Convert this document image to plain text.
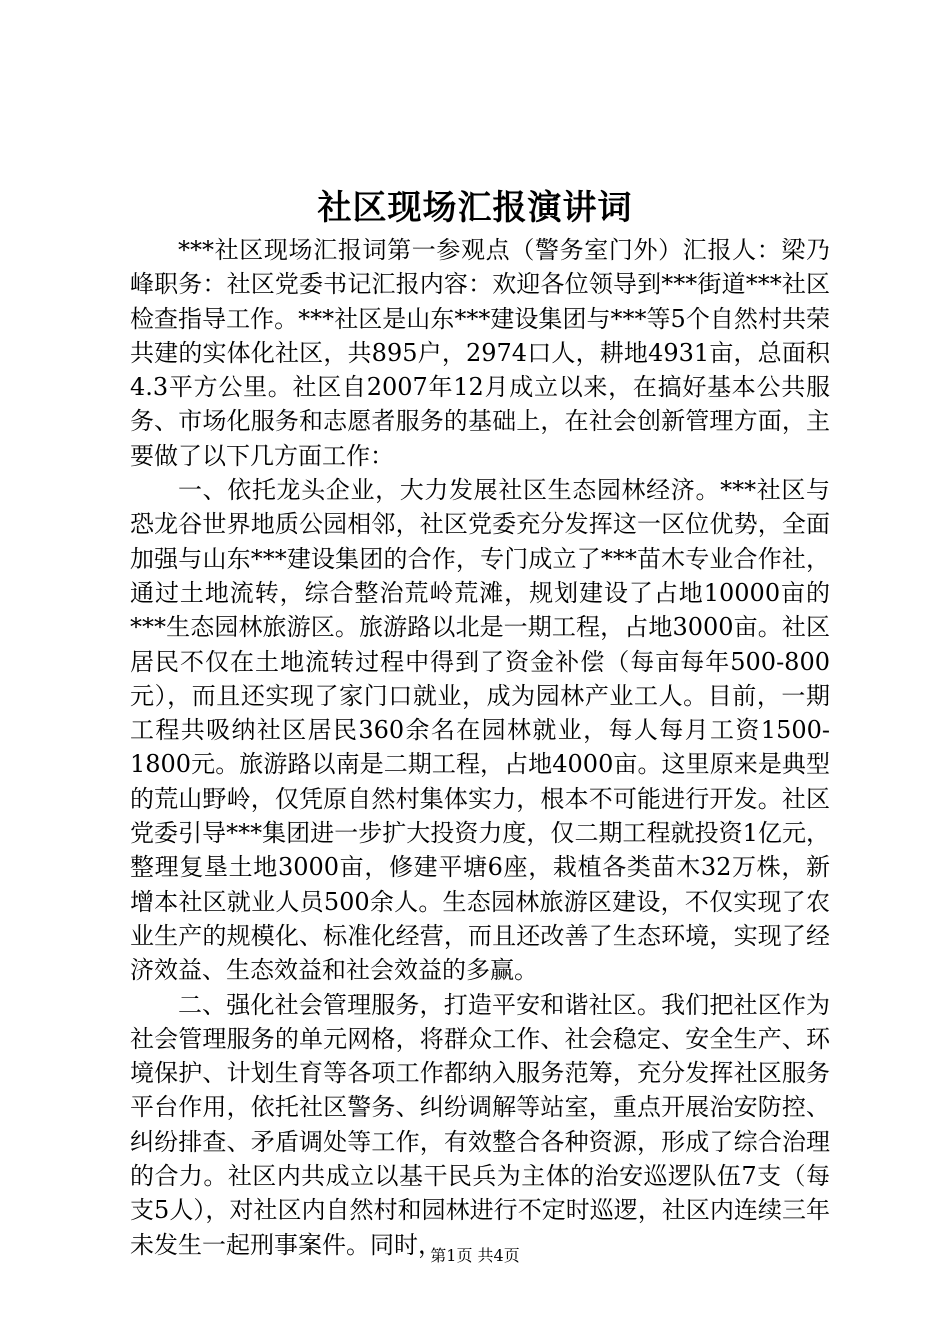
社区现场汇报演讲词

***社区现场汇报词第一参观点（警务室门外）汇报人：梁乃峰职务：社区党委书记汇报内容：欢迎各位领导到***街道***社区检查指导工作。***社区是山东***建设集团与***等5个自然村共荣共建的实体化社区，共895户，2974口人，耕地4931亩，总面积4.3平方公里。社区自2007年12月成立以来，在搞好基本公共服务、市场化服务和志愿者服务的基础上，在社会创新管理方面，主要做了以下几方面工作：

一、依托龙头企业，大力发展社区生态园林经济。***社区与恐龙谷世界地质公园相邻，社区党委充分发挥这一区位优势，全面加强与山东***建设集团的合作，专门成立了***苗木专业合作社，通过土地流转，综合整治荒岭荒滩，规划建设了占地10000亩的***生态园林旅游区。旅游路以北是一期工程，占地3000亩。社区居民不仅在土地流转过程中得到了资金补偿（每亩每年500-800元），而且还实现了家门口就业，成为园林产业工人。目前，一期工程共吸纳社区居民360余名在园林就业，每人每月工资1500-1800元。旅游路以南是二期工程，占地4000亩。这里原来是典型的荒山野岭，仅凭原自然村集体实力，根本不可能进行开发。社区党委引导***集团进一步扩大投资力度，仅二期工程就投资1亿元，整理复垦土地3000亩，修建平塘6座，栽植各类苗木32万株，新增本社区就业人员500余人。生态园林旅游区建设，不仅实现了农业生产的规模化、标准化经营，而且还改善了生态环境，实现了经济效益、生态效益和社会效益的多赢。

二、强化社会管理服务，打造平安和谐社区。我们把社区作为社会管理服务的单元网格，将群众工作、社会稳定、安全生产、环境保护、计划生育等各项工作都纳入服务范筹，充分发挥社区服务平台作用，依托社区警务、纠纷调解等站室，重点开展治安防控、纠纷排查、矛盾调处等工作，有效整合各种资源，形成了综合治理的合力。社区内共成立以基干民兵为主体的治安巡逻队伍7支（每支5人），对社区内自然村和园林进行不定时巡逻，社区内连续三年未发生一起刑事案件。同时，

第1页 共4页
